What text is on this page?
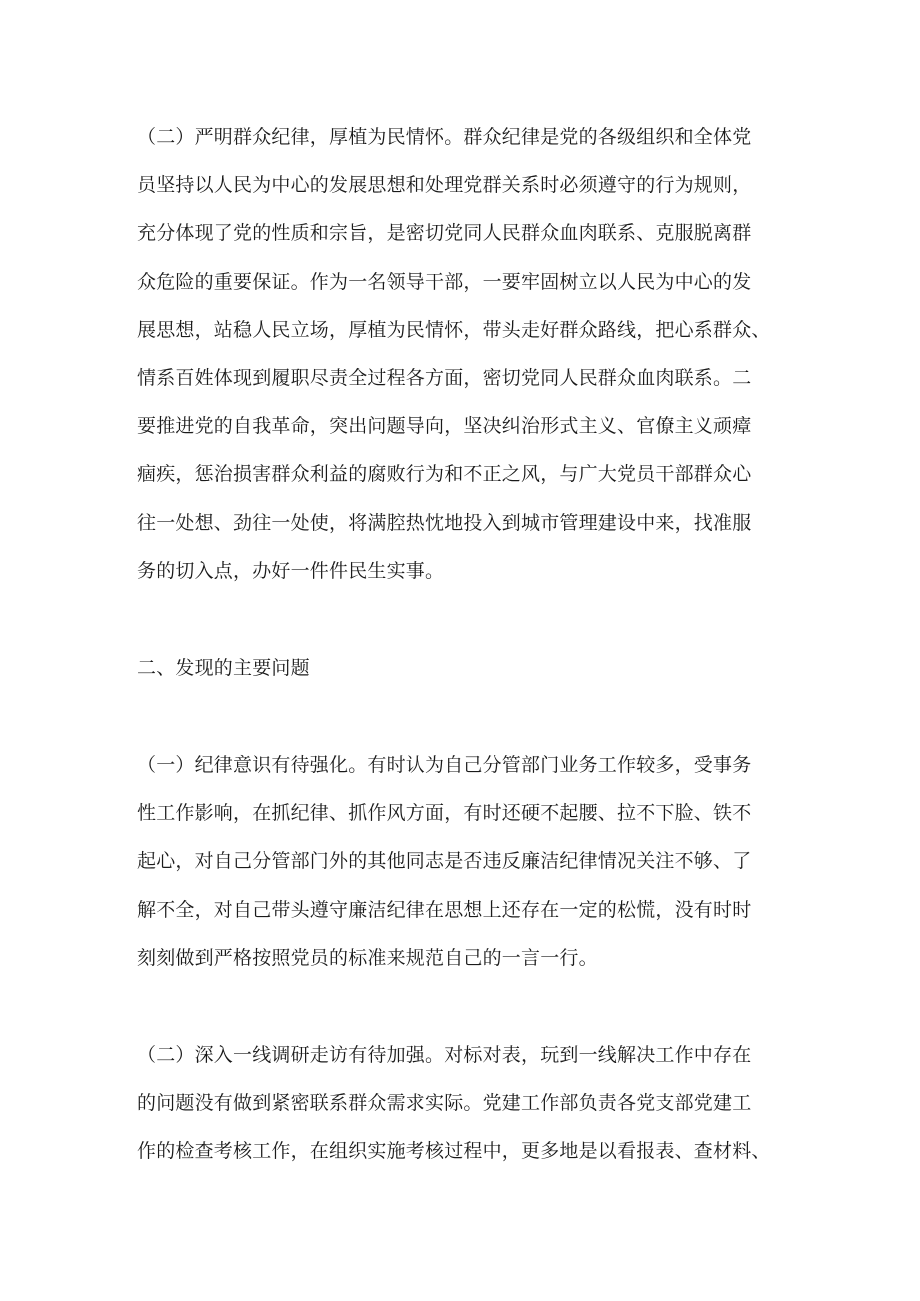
（二）严明群众纪律，厚植为民情怀。群众纪律是党的各级组织和全体党
员坚持以人民为中心的发展思想和处理党群关系时必须遵守的行为规则，
充分体现了党的性质和宗旨，是密切党同人民群众血肉联系、克服脱离群
众危险的重要保证。作为一名领导干部，一要牢固树立以人民为中心的发
展思想，站稳人民立场，厚植为民情怀，带头走好群众路线，把心系群众、
情系百姓体现到履职尽责全过程各方面，密切党同人民群众血肉联系。二
要推进党的自我革命，突出问题导向，坚决纠治形式主义、官僚主义顽瘴
痼疾，惩治损害群众利益的腐败行为和不正之风，与广大党员干部群众心
往一处想、劲往一处使，将满腔热忱地投入到城市管理建设中来，找准服
务的切入点，办好一件件民生实事。
二、发现的主要问题
（一）纪律意识有待强化。有时认为自己分管部门业务工作较多，受事务
性工作影响，在抓纪律、抓作风方面，有时还硬不起腰、拉不下脸、铁不
起心，对自己分管部门外的其他同志是否违反廉洁纪律情况关注不够、了
解不全，对自己带头遵守廉洁纪律在思想上还存在一定的松慌，没有时时
刻刻做到严格按照党员的标准来规范自己的一言一行。
（二）深入一线调研走访有待加强。对标对表，玩到一线解决工作中存在
的问题没有做到紧密联系群众需求实际。党建工作部负责各党支部党建工
作的检查考核工作，在组织实施考核过程中，更多地是以看报表、查材料、
